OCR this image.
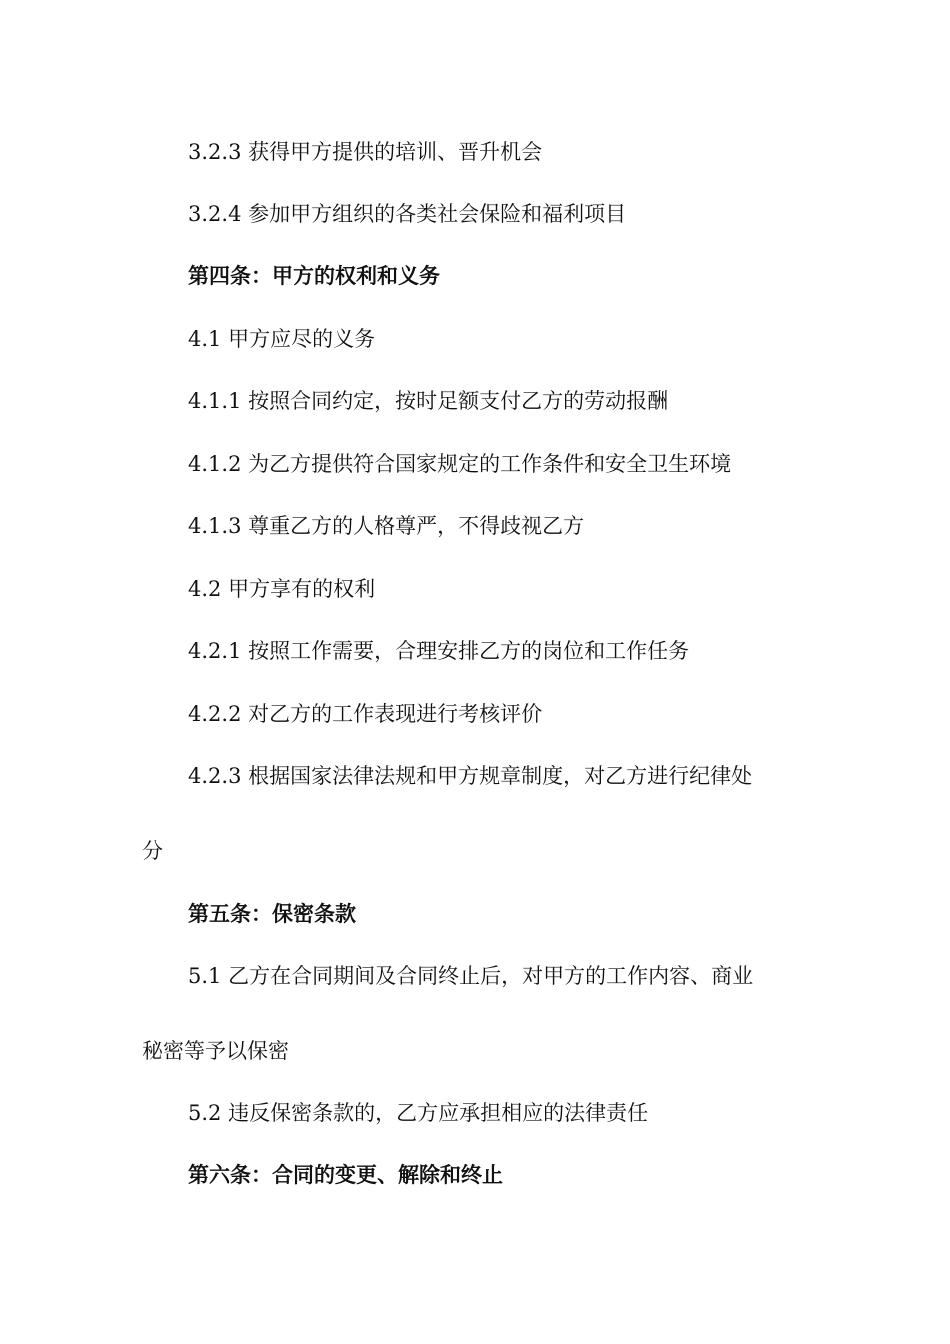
3.2.3 获得甲方提供的培训、晋升机会
3.2.4 参加甲方组织的各类社会保险和福利项目
第四条：甲方的权利和义务
4.1 甲方应尽的义务
4.1.1 按照合同约定，按时足额支付乙方的劳动报酬
4.1.2 为乙方提供符合国家规定的工作条件和安全卫生环境
4.1.3 尊重乙方的人格尊严，不得歧视乙方
4.2 甲方享有的权利
4.2.1 按照工作需要，合理安排乙方的岗位和工作任务
4.2.2 对乙方的工作表现进行考核评价
4.2.3 根据国家法律法规和甲方规章制度，对乙方进行纪律处
分
第五条：保密条款
5.1 乙方在合同期间及合同终止后，对甲方的工作内容、商业
秘密等予以保密
5.2 违反保密条款的，乙方应承担相应的法律责任
第六条：合同的变更、解除和终止
